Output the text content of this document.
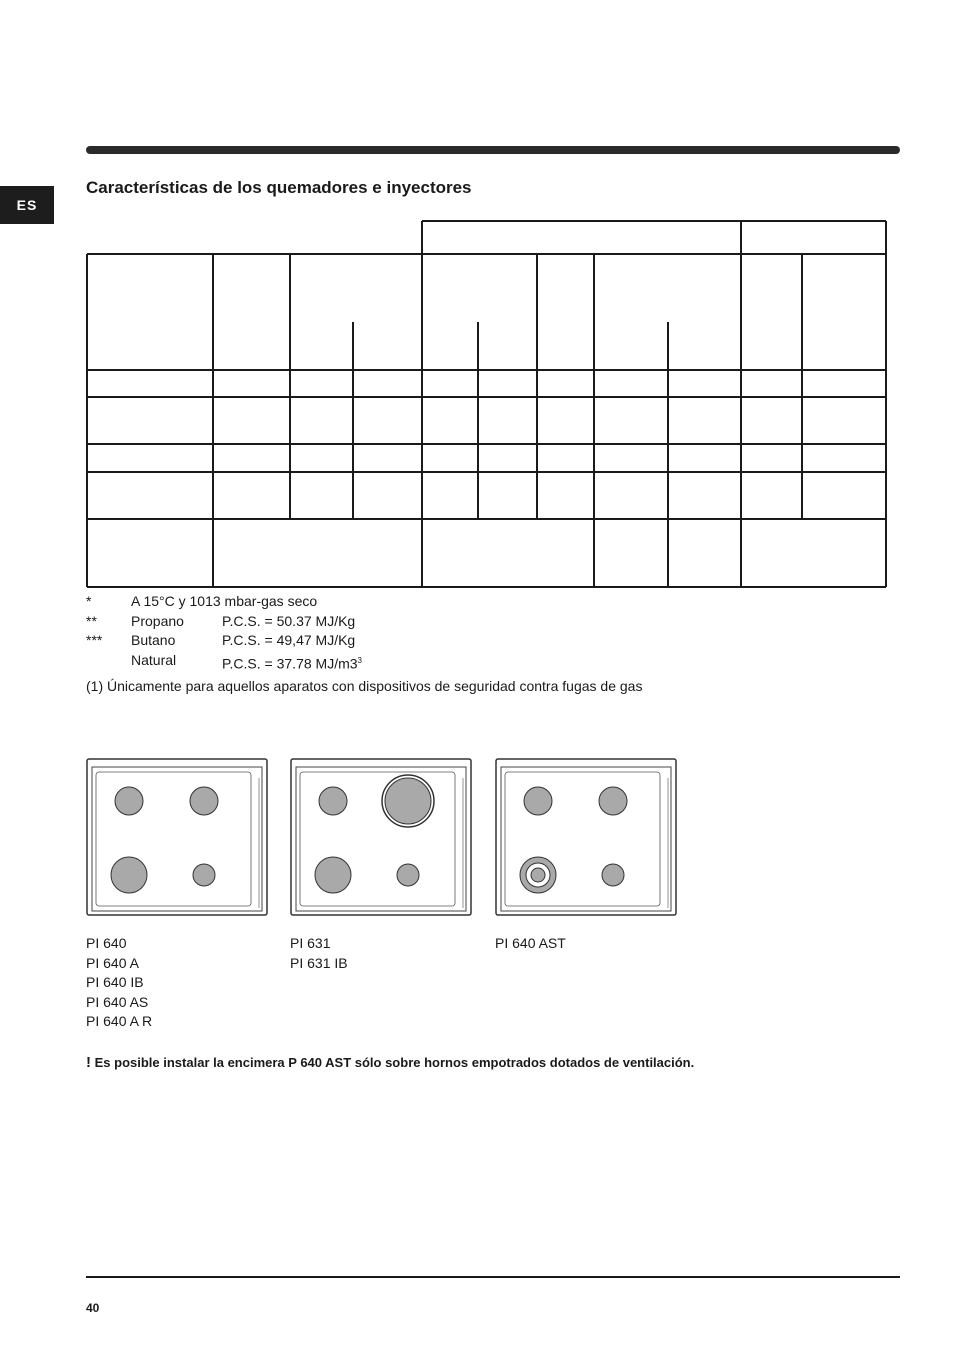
ES
Características de los quemadores e inyectores
*	A 15°C y 1013 mbar-gas seco
** Propano	P.C.S. = 50.37 MJ/Kg
*** Butano	P.C.S. = 49,47 MJ/Kg
Natural	P.C.S. = 37.78 $MJ/m3^3$
(1) Únicamente para aquellos aparatos con dispositivos de seguridad contra fugas de gas
PI 640
PI 640 A
PI 640 IB
PI 640 AS
PI 640 A R
PI 631
PI 631 IB
PI 640 AST
! Es posible instalar la encimera P 640 AST sólo sobre hornos empotrados dotados de ventilación.
40
